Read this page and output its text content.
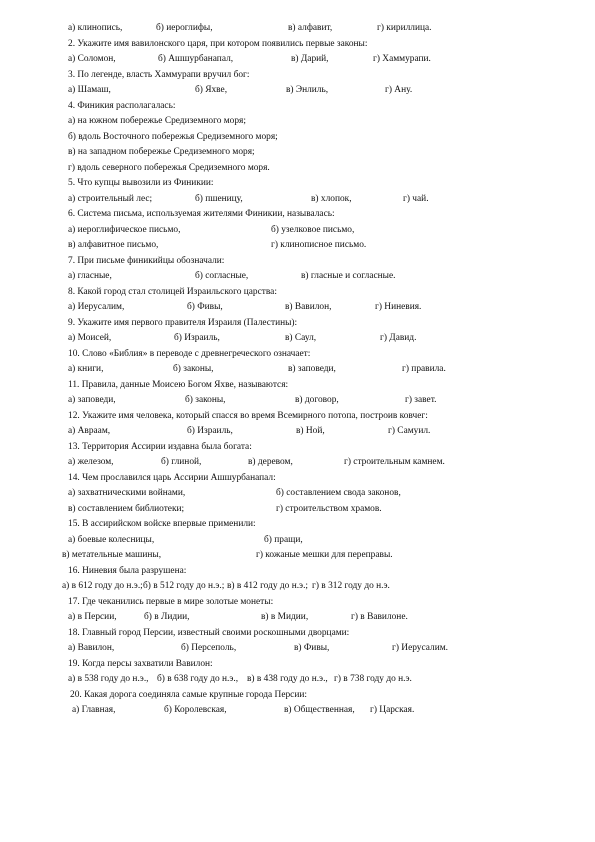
а) клинопись,	б) иероглифы,	в) алфавит,	г) кириллица.
2. Укажите имя вавилонского царя, при котором появились первые законы:
а) Соломон,	б) Ашшурбанапал,	в) Дарий,	г) Хаммурапи.
3. По легенде, власть Хаммурапи вручил бог:
а) Шамаш,	б) Яхве,	в) Энлиль,	г) Ану.
4. Финикия располагалась:
а) на южном побережье Средиземного моря;
б) вдоль Восточного побережья Средиземного моря;
в) на западном побережье Средиземного моря;
г) вдоль северного побережья Средиземного моря.
5. Что купцы вывозили из Финикии:
а) строительный лес;	б) пшеницу,	в) хлопок,	г) чай.
6. Система письма, используемая жителями Финикии, называлась:
а) иероглифическое письмо,	б) узелковое письмо,
в) алфавитное письмо,	г) клинописное письмо.
7. При письме финикийцы обозначали:
а) гласные,	б) согласные,	в) гласные и согласные.
8. Какой город стал столицей Израильского царства:
а) Иерусалим,	б) Фивы,	в) Вавилон,	г) Ниневия.
9. Укажите имя первого правителя Израиля (Палестины):
а) Моисей,	б) Израиль,	в) Саул,	г) Давид.
10. Слово «Библия» в переводе с древнегреческого означает:
а) книги,	б) законы,	в) заповеди,	г) правила.
11. Правила, данные Моисею Богом Яхве, называются:
а) заповеди,	б) законы,	в) договор,	г) завет.
12. Укажите имя человека, который спасся во время Всемирного потопа, построив ковчег:
а) Авраам,	б) Израиль,	в) Ной,	г) Самуил.
13. Территория Ассирии издавна была богата:
а) железом,	б) глиной,	в) деревом,	г) строительным камнем.
14. Чем прославился царь Ассирии Ашшурбанапал:
а) захватническими войнами,	б) составлением свода законов,
в) составлением библиотеки;	г) строительством храмов.
15. В ассирийском войске впервые применили:
а) боевые колесницы,	б) пращи,
в) метательные машины,	г) кожаные мешки для переправы.
16. Ниневия была разрушена:
а) в 612 году до н.э.; б) в 512 году до н.э.; в) в 412 году до н.э.; г) в 312 году до н.э.
17. Где чеканились первые в мире золотые монеты:
а) в Персии,	б) в Лидии,	в) в Мидии,	г) в Вавилоне.
18. Главный город Персии, известный своими роскошными дворцами:
а) Вавилон,	б) Персеполь,	в) Фивы,	г) Иерусалим.
19. Когда персы захватили Вавилон:
а) в 538 году до н.э., б) в 638 году до н.э., в) в 438 году до н.э., г) в 738 году до н.э.
20. Какая дорога соединяла самые крупные города Персии:
а) Главная,	б) Королевская,	в) Общественная, г) Царская.
